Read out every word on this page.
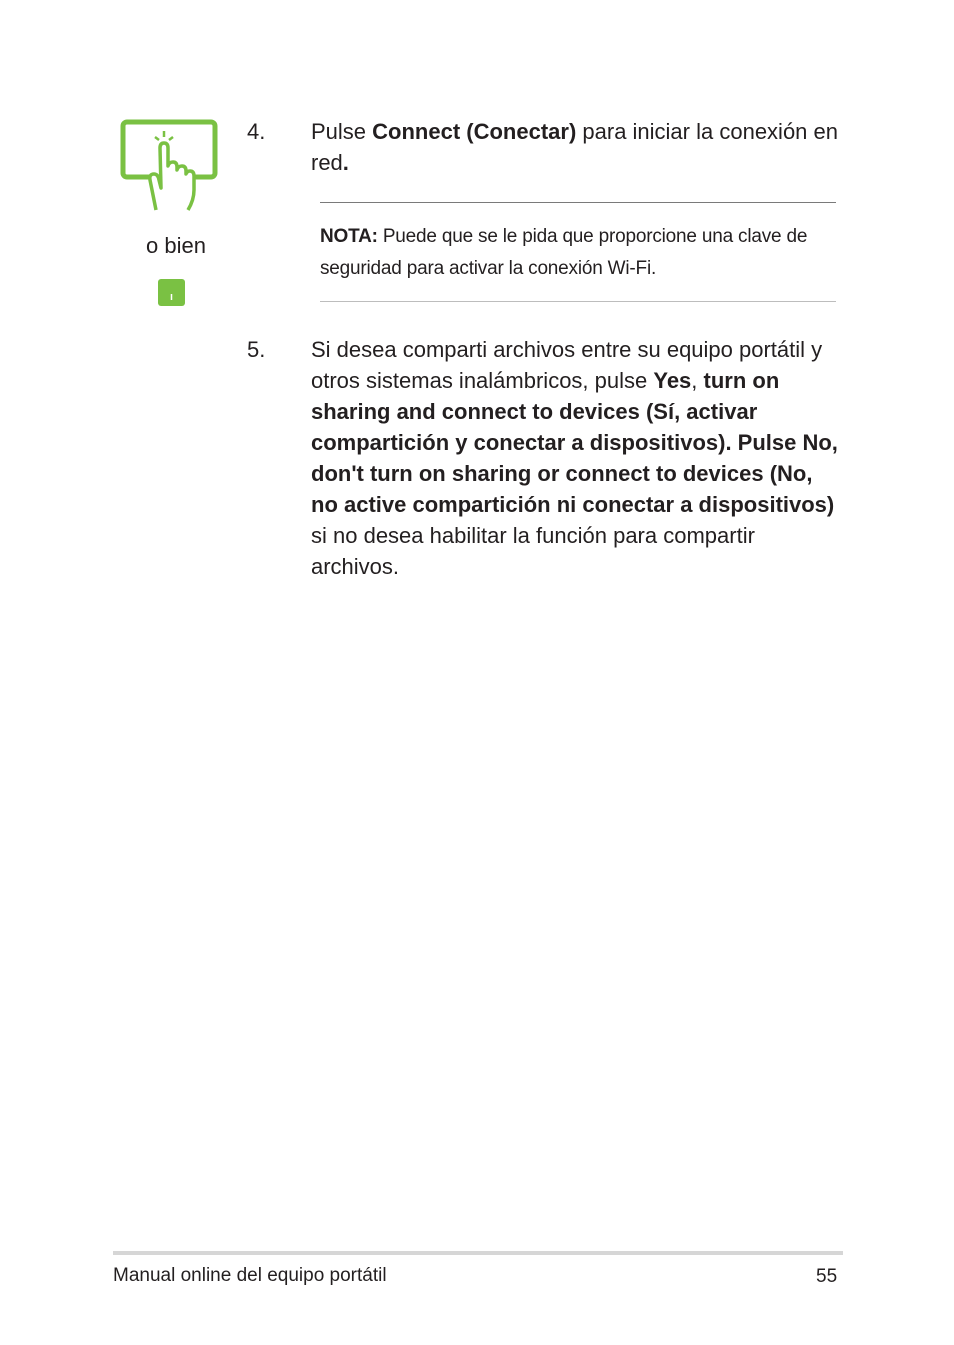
o bien
4. Pulse Connect (Conectar) para iniciar la conexión en red.
NOTA: Puede que se le pida que proporcione una clave de seguridad para activar la conexión Wi-Fi.
5. Si desea comparti archivos entre su equipo portátil y otros sistemas inalámbricos, pulse Yes, turn on sharing and connect to devices (Sí, activar compartición y conectar a dispositivos). Pulse No, don't turn on sharing or connect to devices (No, no active compartición ni conectar a dispositivos) si no desea habilitar la función para compartir archivos.
Manual online del equipo portátil	55
